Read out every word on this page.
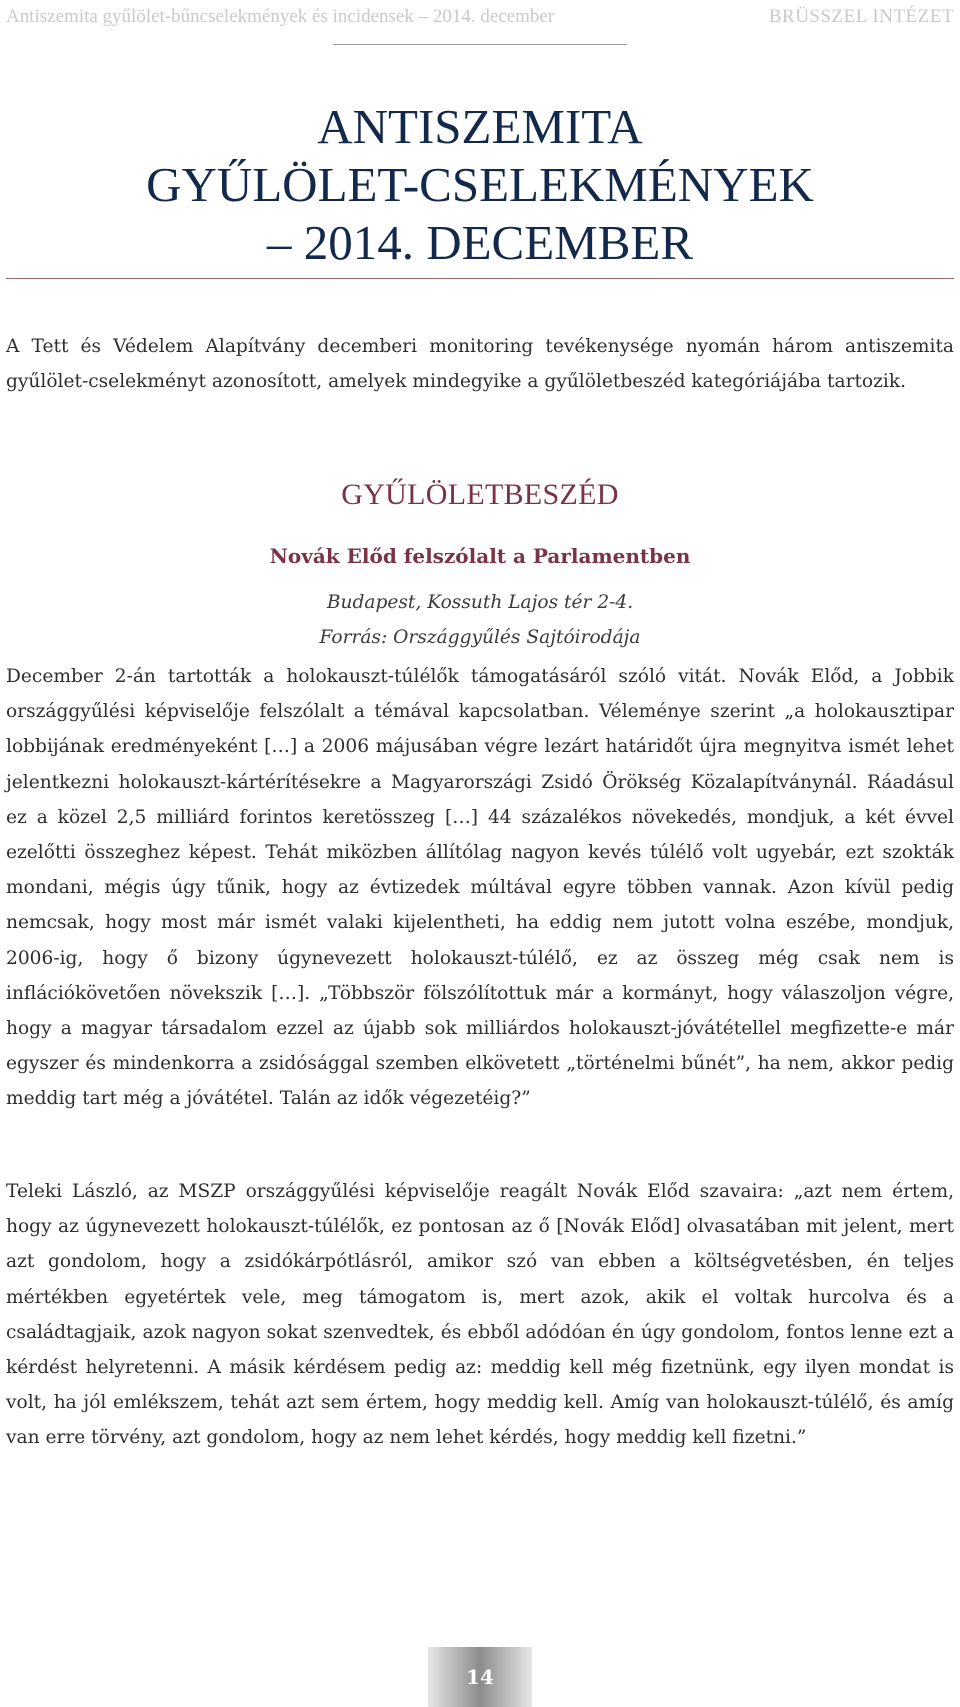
Antiszemita gyűlölet-bűncselekmények és incidensek – 2014. december	BRÜSSZEL INTÉZET
ANTISZEMITA
GYŰLÖLET-CSELEKMÉNYEK
– 2014. DECEMBER

A Tett és Védelem Alapítvány decemberi monitoring tevékenysége nyomán három antiszemita gyűlölet-cselekményt azonosított, amelyek mindegyike a gyűlöletbeszéd kategóriájába tartozik.

GYŰLÖLETBESZÉD
Novák Előd felszólalt a Parlamentben

Budapest, Kossuth Lajos tér 2-4.

Forrás: Országgyűlés Sajtóirodája

December 2-án tartották a holokauszt-túlélők támogatásáról szóló vitát. Novák Előd, a Jobbik országgyűlési képviselője felszólalt a témával kapcsolatban. Véleménye szerint „a holokausztipar lobbijának eredményeként […] a 2006 májusában végre lezárt határidőt újra megnyitva ismét lehet jelentkezni holokauszt-kártérítésekre a Magyarországi Zsidó Örökség Közalapítványnál. Ráadásul ez a közel 2,5 milliárd forintos keretösszeg […] 44 százalékos növekedés, mondjuk, a két évvel ezelőtti összeghez képest. Tehát miközben állítólag nagyon kevés túlélő volt ugyebár, ezt szokták mondani, mégis úgy tűnik, hogy az évtizedek múltával egyre többen vannak. Azon kívül pedig nemcsak, hogy most már ismét valaki kijelentheti, ha eddig nem jutott volna eszébe, mondjuk, 2006-ig, hogy ő bizony úgynevezett holokauszt-túlélő, ez az összeg még csak nem is inflációkövetően növekszik […]. „Többször fölszólítottuk már a kormányt, hogy válaszoljon végre, hogy a magyar társadalom ezzel az újabb sok milliárdos holokauszt-jóvátétellel megfizette-e már egyszer és mindenkorra a zsidósággal szemben elkövetett „történelmi bűnét”, ha nem, akkor pedig meddig tart még a jóvátétel. Talán az idők végezetéig?”

Teleki László, az MSZP országgyűlési képviselője reagált Novák Előd szavaira: „azt nem értem, hogy az úgynevezett holokauszt-túlélők, ez pontosan az ő [Novák Előd] olvasatában mit jelent, mert azt gondolom, hogy a zsidókárpótlásról, amikor szó van ebben a költségvetésben, én teljes mértékben egyetértek vele, meg támogatom is, mert azok, akik el voltak hurcolva és a családtagjaik, azok nagyon sokat szenvedtek, és ebből adódóan én úgy gondolom, fontos lenne ezt a kérdést helyretenni. A másik kérdésem pedig az: meddig kell még fizetnünk, egy ilyen mondat is volt, ha jól emlékszem, tehát azt sem értem, hogy meddig kell. Amíg van holokauszt-túlélő, és amíg van erre törvény, azt gondolom, hogy az nem lehet kérdés, hogy meddig kell fizetni.”

14
